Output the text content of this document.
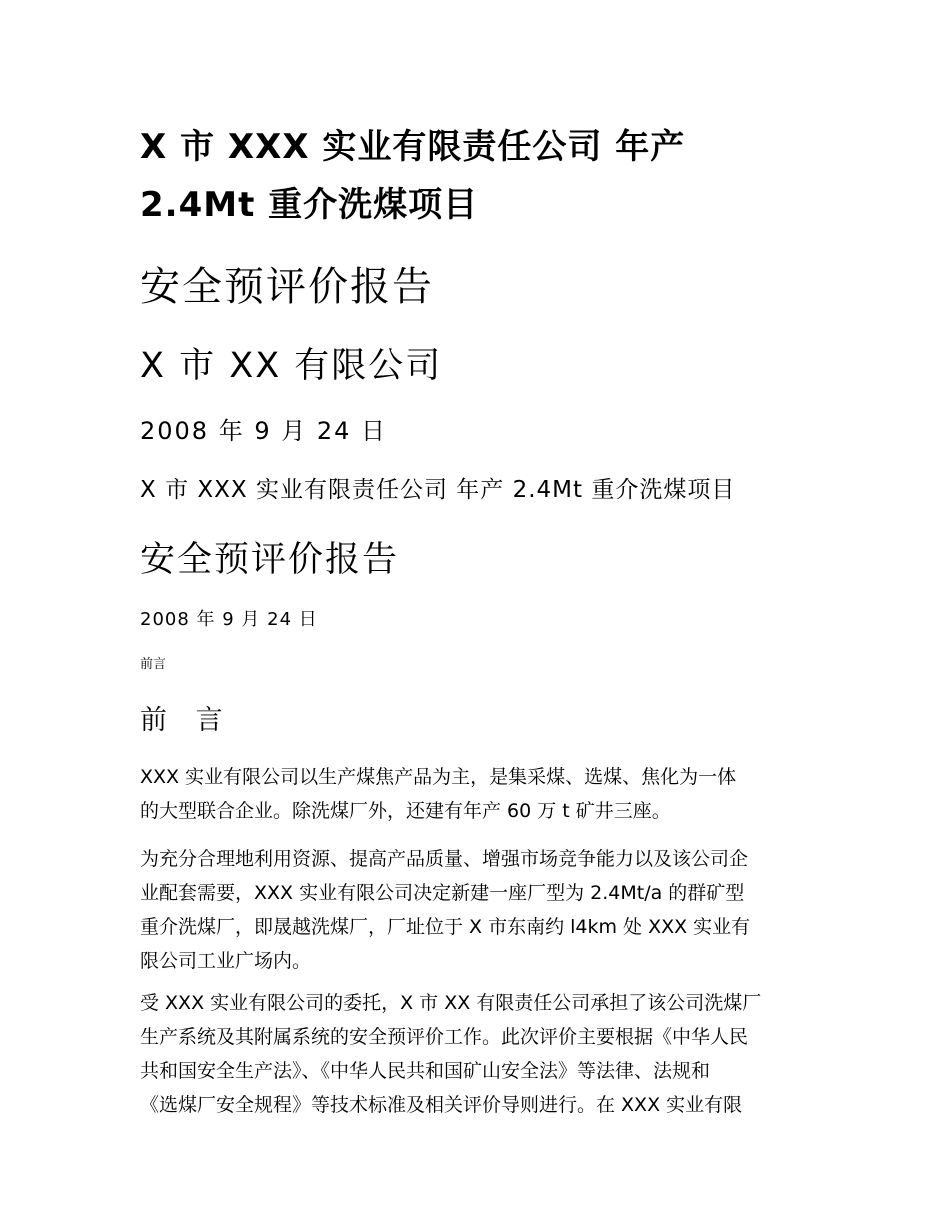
X 市 XXX 实业有限责任公司 年产
2.4Mt 重介洗煤项目
安全预评价报告
X 市 XX 有限公司

2008 年 9 月 24 日

X 市 XXX 实业有限责任公司 年产 2.4Mt 重介洗煤项目

安全预评价报告

2008 年 9 月 24 日

前言

前 言
XXX 实业有限公司以生产煤焦产品为主，是集采煤、选煤、焦化为一体
的大型联合企业。除洗煤厂外，还建有年产 60 万 t 矿井三座。
为充分合理地利用资源、提高产品质量、增强市场竞争能力以及该公司企
业配套需要，XXX 实业有限公司决定新建一座厂型为 2.4Mt/a 的群矿型
重介洗煤厂，即晟越洗煤厂，厂址位于 X 市东南约 l4km 处 XXX 实业有
限公司工业广场内。
受 XXX 实业有限公司的委托，X 市 XX 有限责任公司承担了该公司洗煤厂
生产系统及其附属系统的安全预评价工作。此次评价主要根据《中华人民
共和国安全生产法》、《中华人民共和国矿山安全法》等法律、法规和
《选煤厂安全规程》等技术标准及相关评价导则进行。在 XXX 实业有限
